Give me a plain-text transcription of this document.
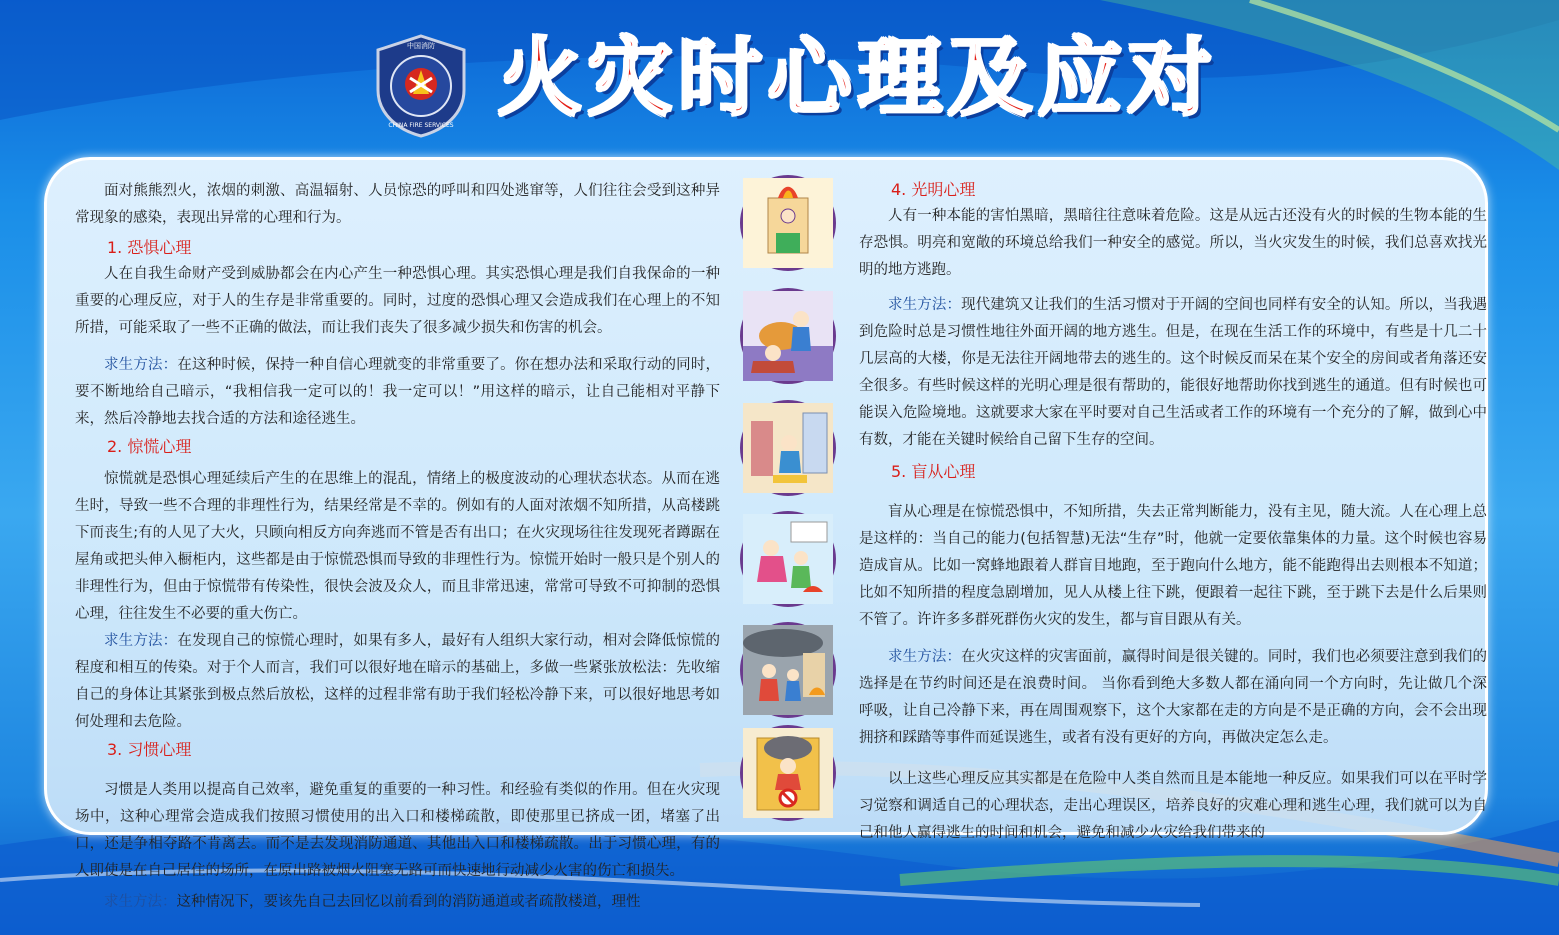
中国消防
CHINA FIRE SERVICES 火灾时心理及应对

面对熊熊烈火，浓烟的刺激、高温辐射、人员惊恐的呼叫和四处逃窜等，人们往往会受到这种异常现象的感染，表现出异常的心理和行为。

1. 恐惧心理

人在自我生命财产受到威胁都会在内心产生一种恐惧心理。其实恐惧心理是我们自我保命的一种重要的心理反应，对于人的生存是非常重要的。同时，过度的恐惧心理又会造成我们在心理上的不知所措，可能采取了一些不正确的做法，而让我们丧失了很多减少损失和伤害的机会。

求生方法：在这种时候，保持一种自信心理就变的非常重要了。你在想办法和采取行动的同时，要不断地给自己暗示，“我相信我一定可以的！我一定可以！”用这样的暗示，让自己能相对平静下来，然后冷静地去找合适的方法和途径逃生。

2. 惊慌心理

惊慌就是恐惧心理延续后产生的在思维上的混乱，情绪上的极度波动的心理状态状态。从而在逃生时，导致一些不合理的非理性行为，结果经常是不幸的。例如有的人面对浓烟不知所措，从高楼跳下而丧生;有的人见了大火，只顾向相反方向奔逃而不管是否有出口；在火灾现场往往发现死者蹲踞在屋角或把头伸入橱柜内，这些都是由于惊慌恐惧而导致的非理性行为。惊慌开始时一般只是个别人的非理性行为，但由于惊慌带有传染性，很快会波及众人，而且非常迅速，常常可导致不可抑制的恐惧心理，往往发生不必要的重大伤亡。

求生方法：在发现自己的惊慌心理时，如果有多人，最好有人组织大家行动，相对会降低惊慌的程度和相互的传染。对于个人而言，我们可以很好地在暗示的基础上，多做一些紧张放松法：先收缩自己的身体让其紧张到极点然后放松，这样的过程非常有助于我们轻松冷静下来，可以很好地思考如何处理和去危险。

3. 习惯心理

习惯是人类用以提高自己效率，避免重复的重要的一种习性。和经验有类似的作用。但在火灾现场中，这种心理常会造成我们按照习惯使用的出入口和楼梯疏散，即使那里已挤成一团，堵塞了出口，还是争相夺路不肯离去。而不是去发现消防通道、其他出入口和楼梯疏散。出于习惯心理，有的人即使是在自己居住的场所，在原出路被烟火阻塞无路可而快速地行动减少火害的伤亡和损失。

求生方法：这种情况下，要该先自己去回忆以前看到的消防通道或者疏散楼道，理性

4. 光明心理

人有一种本能的害怕黑暗，黑暗往往意味着危险。这是从远古还没有火的时候的生物本能的生存恐惧。明亮和宽敞的环境总给我们一种安全的感觉。所以，当火灾发生的时候，我们总喜欢找光明的地方逃跑。

求生方法：现代建筑又让我们的生活习惯对于开阔的空间也同样有安全的认知。所以，当我遇到危险时总是习惯性地往外面开阔的地方逃生。但是，在现在生活工作的环境中，有些是十几二十几层高的大楼，你是无法往开阔地带去的逃生的。这个时候反而呆在某个安全的房间或者角落还安全很多。有些时候这样的光明心理是很有帮助的，能很好地帮助你找到逃生的通道。但有时候也可能误入危险境地。这就要求大家在平时要对自己生活或者工作的环境有一个充分的了解，做到心中有数，才能在关键时候给自己留下生存的空间。

5. 盲从心理

盲从心理是在惊慌恐惧中，不知所措，失去正常判断能力，没有主见，随大流。人在心理上总是这样的：当自己的能力(包括智慧)无法“生存”时，他就一定要依靠集体的力量。这个时候也容易造成盲从。比如一窝蜂地跟着人群盲目地跑，至于跑向什么地方，能不能跑得出去则根本不知道；比如不知所措的程度急剧增加，见人从楼上往下跳，便跟着一起往下跳，至于跳下去是什么后果则不管了。许许多多群死群伤火灾的发生，都与盲目跟从有关。

求生方法：在火灾这样的灾害面前，赢得时间是很关键的。同时，我们也必须要注意到我们的选择是在节约时间还是在浪费时间。 当你看到绝大多数人都在涌向同一个方向时，先让做几个深呼吸，让自己冷静下来，再在周围观察下，这个大家都在走的方向是不是正确的方向，会不会出现拥挤和踩踏等事件而延误逃生，或者有没有更好的方向，再做决定怎么走。

以上这些心理反应其实都是在危险中人类自然而且是本能地一种反应。如果我们可以在平时学习觉察和调适自己的心理状态，走出心理误区，培养良好的灾难心理和逃生心理，我们就可以为自己和他人赢得逃生的时间和机会，避免和减少火灾给我们带来的
